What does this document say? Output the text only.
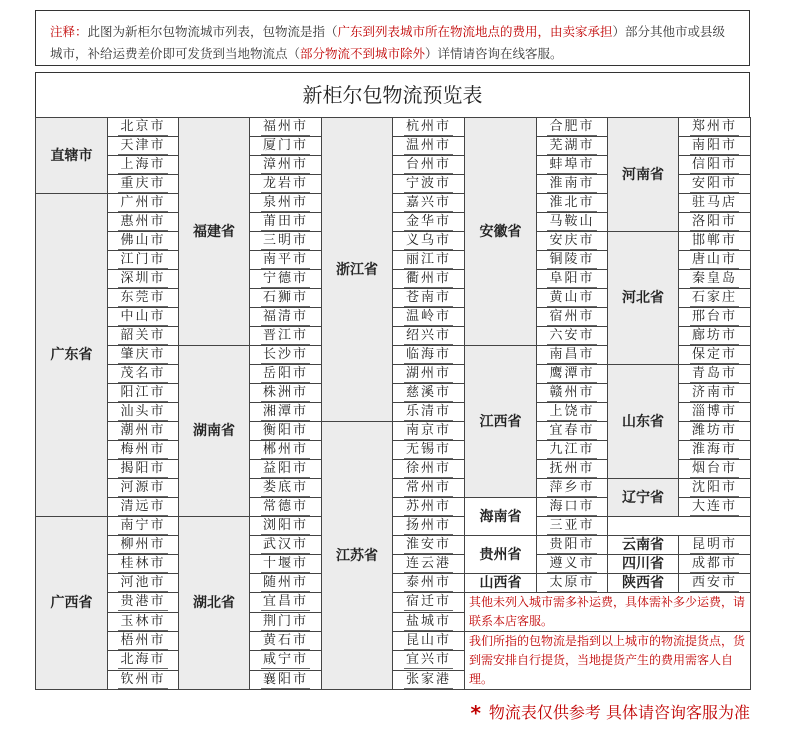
注释：此图为新柜尔包物流城市列表，包物流是指（广东到列表城市所在物流地点的费用，由卖家承担）部分其他市或县级城市，补给运费差价即可发货到当地物流点（部分物流不到城市除外）详情请咨询在线客服。
新柜尔包物流预览表
直辖市	北京市	福建省	福州市	浙江省	杭州市	安徽省	合肥市	河南省	郑州市
	天津市		厦门市		温州市		芜湖市		南阳市
	上海市		漳州市		台州市		蚌埠市		信阳市
	重庆市		龙岩市		宁波市		淮南市		安阳市
广东省	广州市		泉州市		嘉兴市		淮北市		驻马店
	惠州市		莆田市		金华市		马鞍山		洛阳市
	佛山市		三明市		义乌市		安庆市	河北省	邯郸市
	江门市		南平市		丽江市		铜陵市		唐山市
	深圳市		宁德市		衢州市		阜阳市		秦皇岛
	东莞市		石狮市		苍南市		黄山市		石家庄
	中山市		福清市		温岭市		宿州市		邢台市
	韶关市		晋江市		绍兴市		六安市		廊坊市
	肇庆市	湖南省	长沙市		临海市	江西省	南昌市		保定市
	茂名市		岳阳市		湖州市		鹰潭市	山东省	青岛市
	阳江市		株洲市		慈溪市		赣州市		济南市
	汕头市		湘潭市		乐清市		上饶市		淄博市
	潮州市		衡阳市	江苏省	南京市		宜春市		潍坊市
	梅州市		郴州市		无锡市		九江市		淮海市
	揭阳市		益阳市		徐州市		抚州市		烟台市
	河源市		娄底市		常州市		萍乡市	辽宁省	沈阳市
	清远市		常德市		苏州市	海南省	海口市		大连市
广西省	南宁市	湖北省	浏阳市		扬州市		三亚市		
	柳州市		武汉市		淮安市	贵州省	贵阳市	云南省	昆明市
	桂林市		十堰市		连云港		遵义市	四川省	成都市
	河池市		随州市		泰州市	山西省	太原市	陕西省	西安市
	贵港市		宜昌市		宿迁市	其他未列入城市需多补运费，具体需补多少运费，请联系本店客服。			
	玉林市		荆门市		盐城市				
	梧州市		黄石市		昆山市	我们所指的包物流是指到以上城市的物流提货点，货到需安排自行提货，当地提货产生的费用需客人自理。			
	北海市		咸宁市		宜兴市				
	钦州市		襄阳市		张家港				
* 物流表仅供参考 具体请咨询客服为准
